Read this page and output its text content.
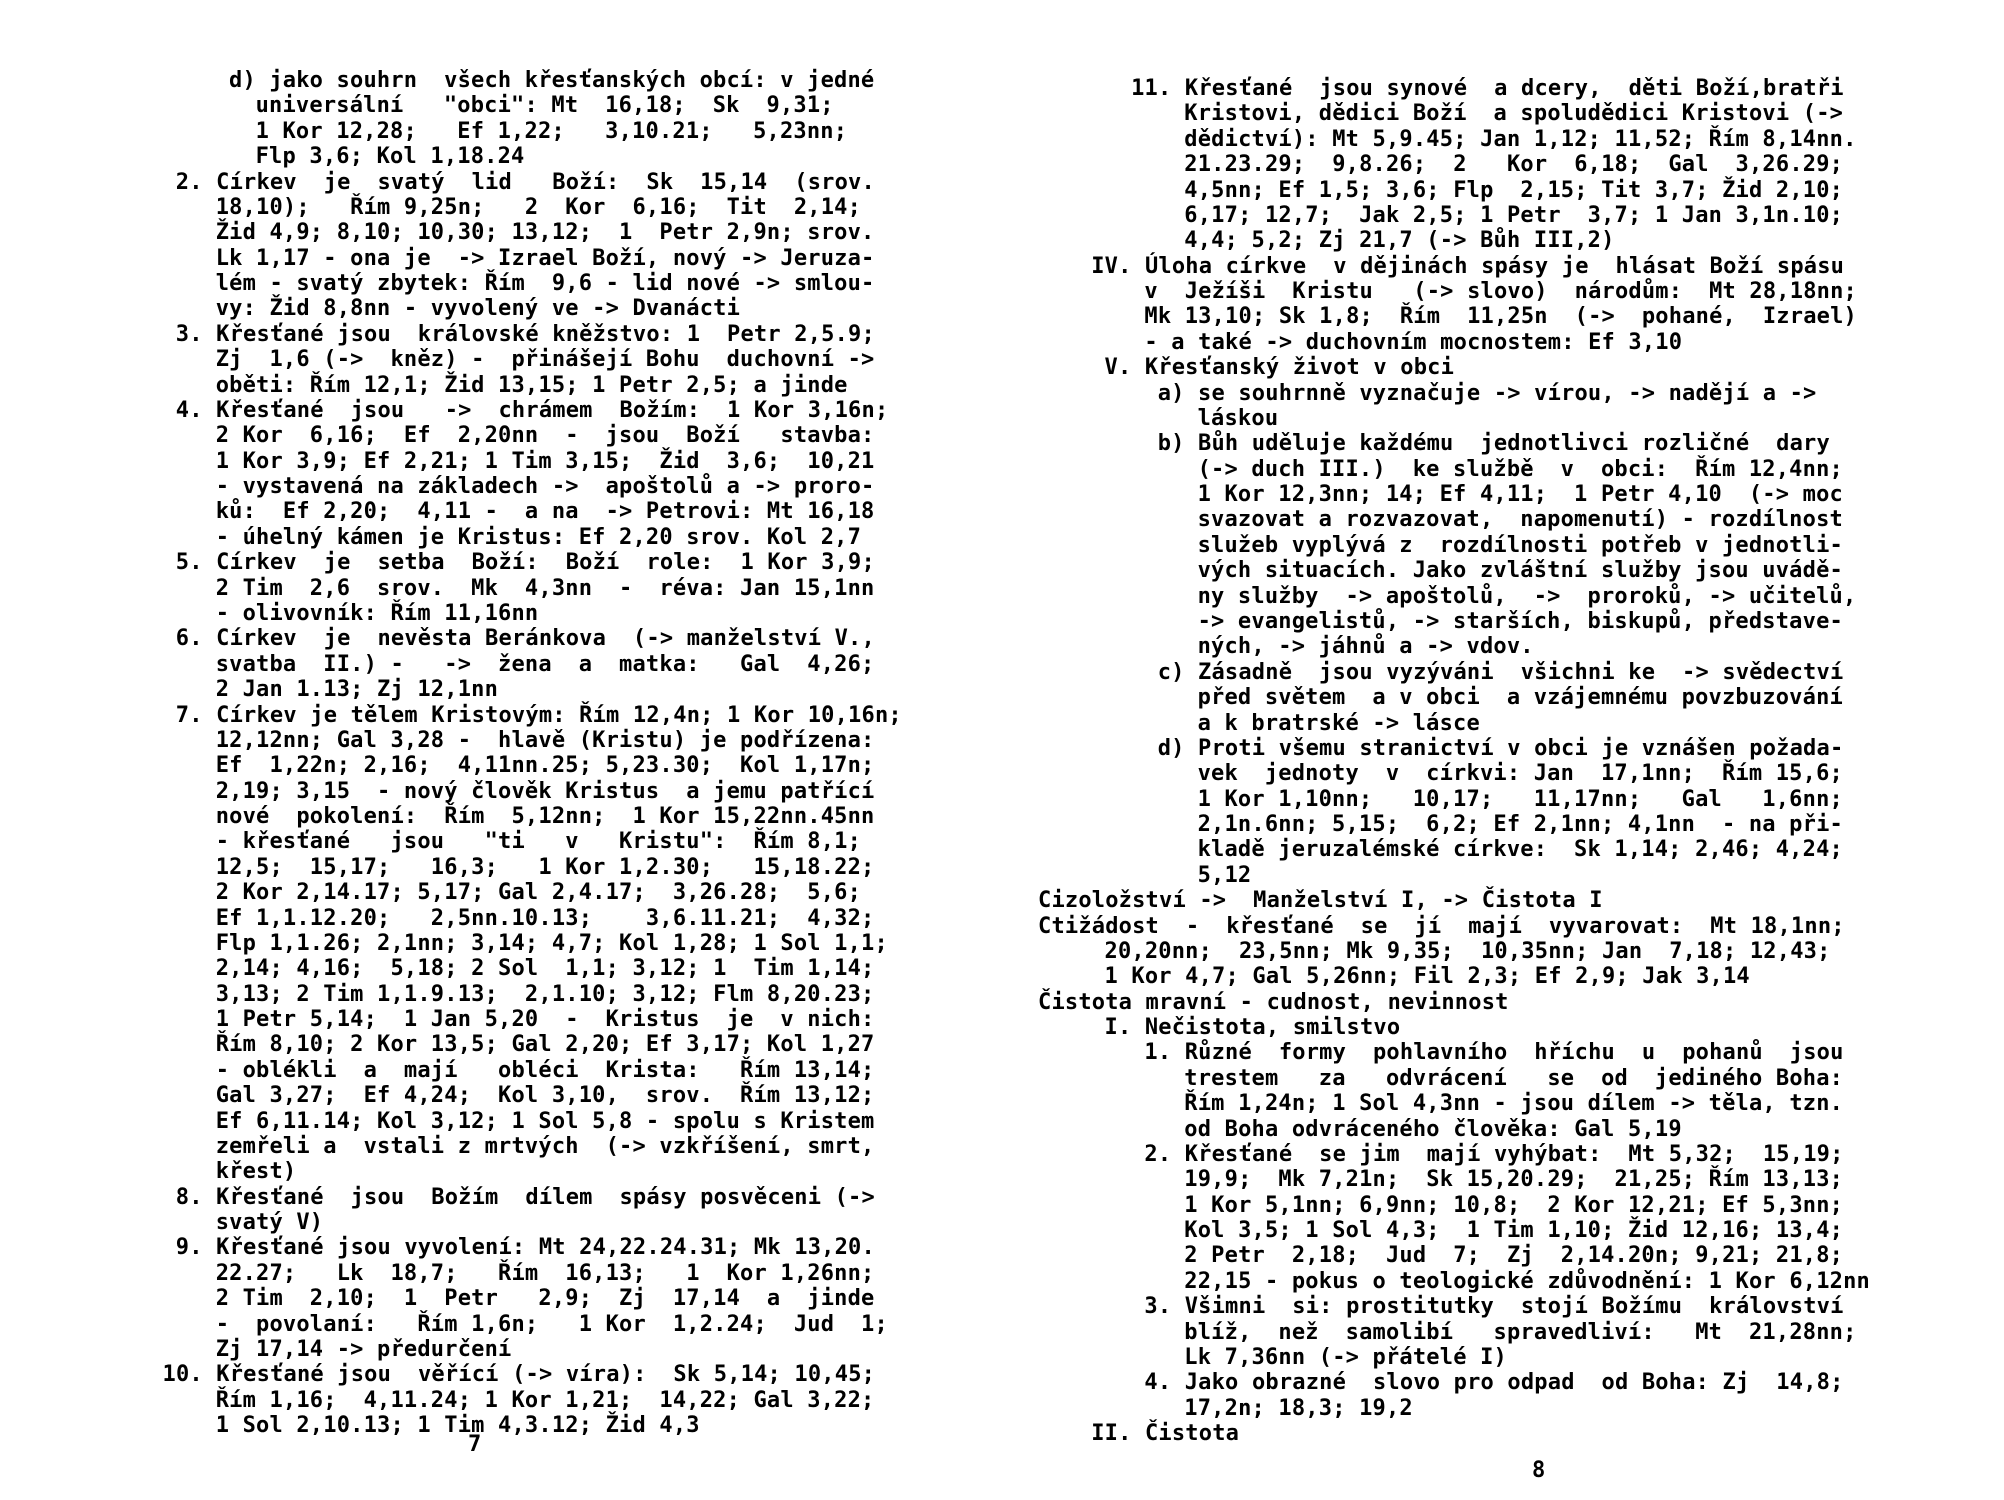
d) jako souhrn  všech křesťanských obcí: v jedné
universální   "obci": Mt  16,18;  Sk  9,31;
1 Kor 12,28;   Ef 1,22;   3,10.21;   5,23nn;
Flp 3,6; Kol 1,18.24
2. Církev  je  svatý  lid   Boží:  Sk  15,14  (srov.
18,10);   Řím 9,25n;   2  Kor  6,16;  Tit  2,14;
Žid 4,9; 8,10; 10,30; 13,12;  1  Petr 2,9n; srov.
Lk 1,17 - ona je  -> Izrael Boží, nový -> Jeruza-
lém - svatý zbytek: Řím  9,6 - lid nové -> smlou-
vy: Žid 8,8nn - vyvolený ve -> Dvanácti
3. Křesťané jsou  královské kněžstvo: 1  Petr 2,5.9;
Zj  1,6 (->  kněz) -  přinášejí Bohu  duchovní ->
oběti: Řím 12,1; Žid 13,15; 1 Petr 2,5; a jinde
4. Křesťané  jsou   ->  chrámem  Božím:  1 Kor 3,16n;
2 Kor  6,16;  Ef  2,20nn  -  jsou  Boží   stavba:
1 Kor 3,9; Ef 2,21; 1 Tim 3,15;  Žid  3,6;  10,21
- vystavená na základech ->  apoštolů a -> proro-
ků:  Ef 2,20;  4,11 -  a na  -> Petrovi: Mt 16,18
- úhelný kámen je Kristus: Ef 2,20 srov. Kol 2,7
5. Církev  je  setba  Boží:  Boží  role:  1 Kor 3,9;
2 Tim  2,6  srov.  Mk  4,3nn  -  réva: Jan 15,1nn
- olivovník: Řím 11,16nn
6. Církev  je  nevěsta Beránkova  (-> manželství V.,
svatba  II.) -   ->  žena  a  matka:   Gal  4,26;
2 Jan 1.13; Zj 12,1nn
7. Církev je tělem Kristovým: Řím 12,4n; 1 Kor 10,16n;
12,12nn; Gal 3,28 -  hlavě (Kristu) je podřízena:
Ef  1,22n; 2,16;  4,11nn.25; 5,23.30;  Kol 1,17n;
2,19; 3,15  - nový člověk Kristus  a jemu patřící
nové  pokolení:  Řím  5,12nn;  1 Kor 15,22nn.45nn
- křesťané   jsou   "ti   v   Kristu":  Řím 8,1;
12,5;  15,17;   16,3;   1 Kor 1,2.30;   15,18.22;
2 Kor 2,14.17; 5,17; Gal 2,4.17;  3,26.28;  5,6;
Ef 1,1.12.20;   2,5nn.10.13;    3,6.11.21;  4,32;
Flp 1,1.26; 2,1nn; 3,14; 4,7; Kol 1,28; 1 Sol 1,1;
2,14; 4,16;  5,18; 2 Sol  1,1; 3,12; 1  Tim 1,14;
3,13; 2 Tim 1,1.9.13;  2,1.10; 3,12; Flm 8,20.23;
1 Petr 5,14;  1 Jan 5,20  -  Kristus  je  v nich:
Řím 8,10; 2 Kor 13,5; Gal 2,20; Ef 3,17; Kol 1,27
- oblékli  a  mají   obléci  Krista:   Řím 13,14;
Gal 3,27;  Ef 4,24;  Kol 3,10,  srov.  Řím 13,12;
Ef 6,11.14; Kol 3,12; 1 Sol 5,8 - spolu s Kristem
zemřeli a  vstali z mrtvých  (-> vzkříšení, smrt,
křest)
8. Křesťané  jsou  Božím  dílem  spásy posvěceni (->
svatý V)
9. Křesťané jsou vyvolení: Mt 24,22.24.31; Mk 13,20.
22.27;   Lk  18,7;   Řím  16,13;   1  Kor 1,26nn;
2 Tim  2,10;  1  Petr   2,9;  Zj  17,14  a  jinde
-  povolaní:   Řím 1,6n;   1 Kor  1,2.24;  Jud  1;
Zj 17,14 -> předurčení
10. Křesťané jsou  věřící (-> víra):  Sk 5,14; 10,45;
Řím 1,16;  4,11.24; 1 Kor 1,21;  14,22; Gal 3,22;
1 Sol 2,10.13; 1 Tim 4,3.12; Žid 4,3
7
11. Křesťané  jsou synové  a dcery,  děti Boží,bratři
Kristovi, dědici Boží  a spoludědici Kristovi (->
dědictví): Mt 5,9.45; Jan 1,12; 11,52; Řím 8,14nn.
21.23.29;  9,8.26;  2   Kor  6,18;  Gal  3,26.29;
4,5nn; Ef 1,5; 3,6; Flp  2,15; Tit 3,7; Žid 2,10;
6,17; 12,7;  Jak 2,5; 1 Petr  3,7; 1 Jan 3,1n.10;
4,4; 5,2; Zj 21,7 (-> Bůh III,2)
IV. Úloha církve  v dějinách spásy je  hlásat Boží spásu
v  Ježíši  Kristu   (-> slovo)  národům:  Mt 28,18nn;
Mk 13,10; Sk 1,8;  Řím  11,25n  (->  pohané,  Izrael)
- a také -> duchovním mocnostem: Ef 3,10
V. Křesťanský život v obci
a) se souhrnně vyznačuje -> vírou, -> nadějí a ->
láskou
b) Bůh uděluje každému  jednotlivci rozličné  dary
(-> duch III.)  ke službě  v  obci:  Řím 12,4nn;
1 Kor 12,3nn; 14; Ef 4,11;  1 Petr 4,10  (-> moc
svazovat a rozvazovat,  napomenutí) - rozdílnost
služeb vyplývá z  rozdílnosti potřeb v jednotli-
vých situacích. Jako zvláštní služby jsou uvádě-
ny služby  -> apoštolů,  ->  proroků, -> učitelů,
-> evangelistů, -> starších, biskupů, představe-
ných, -> jáhnů a -> vdov.
c) Zásadně  jsou vyzýváni  všichni ke  -> svědectví
před světem  a v obci  a vzájemnému povzbuzování
a k bratrské -> lásce
d) Proti všemu stranictví v obci je vznášen požada-
vek  jednoty  v  církvi: Jan  17,1nn;  Řím 15,6;
1 Kor 1,10nn;   10,17;   11,17nn;   Gal   1,6nn;
2,1n.6nn; 5,15;  6,2; Ef 2,1nn; 4,1nn  - na při-
kladě jeruzalémské církve:  Sk 1,14; 2,46; 4,24;
5,12
Cizoložství ->  Manželství I, -> Čistota I
Ctižádost  -  křesťané  se  jí  mají  vyvarovat:  Mt 18,1nn;
20,20nn;  23,5nn; Mk 9,35;  10,35nn; Jan  7,18; 12,43;
1 Kor 4,7; Gal 5,26nn; Fil 2,3; Ef 2,9; Jak 3,14
Čistota mravní - cudnost, nevinnost
I. Nečistota, smilstvo
1. Různé  formy  pohlavního  hříchu  u  pohanů  jsou
trestem   za   odvrácení   se  od  jediného Boha:
Řím 1,24n; 1 Sol 4,3nn - jsou dílem -> těla, tzn.
od Boha odvráceného člověka: Gal 5,19
2. Křesťané  se jim  mají vyhýbat:  Mt 5,32;  15,19;
19,9;  Mk 7,21n;  Sk 15,20.29;  21,25; Řím 13,13;
1 Kor 5,1nn; 6,9nn; 10,8;  2 Kor 12,21; Ef 5,3nn;
Kol 3,5; 1 Sol 4,3;  1 Tim 1,10; Žid 12,16; 13,4;
2 Petr  2,18;  Jud  7;  Zj  2,14.20n; 9,21; 21,8;
22,15 - pokus o teologické zdůvodnění: 1 Kor 6,12nn
3. Všimni  si: prostitutky  stojí Božímu  království
blíž,  než  samolibí   spravedliví:   Mt  21,28nn;
Lk 7,36nn (-> přátelé I)
4. Jako obrazné  slovo pro odpad  od Boha: Zj  14,8;
17,2n; 18,3; 19,2
II. Čistota
8
